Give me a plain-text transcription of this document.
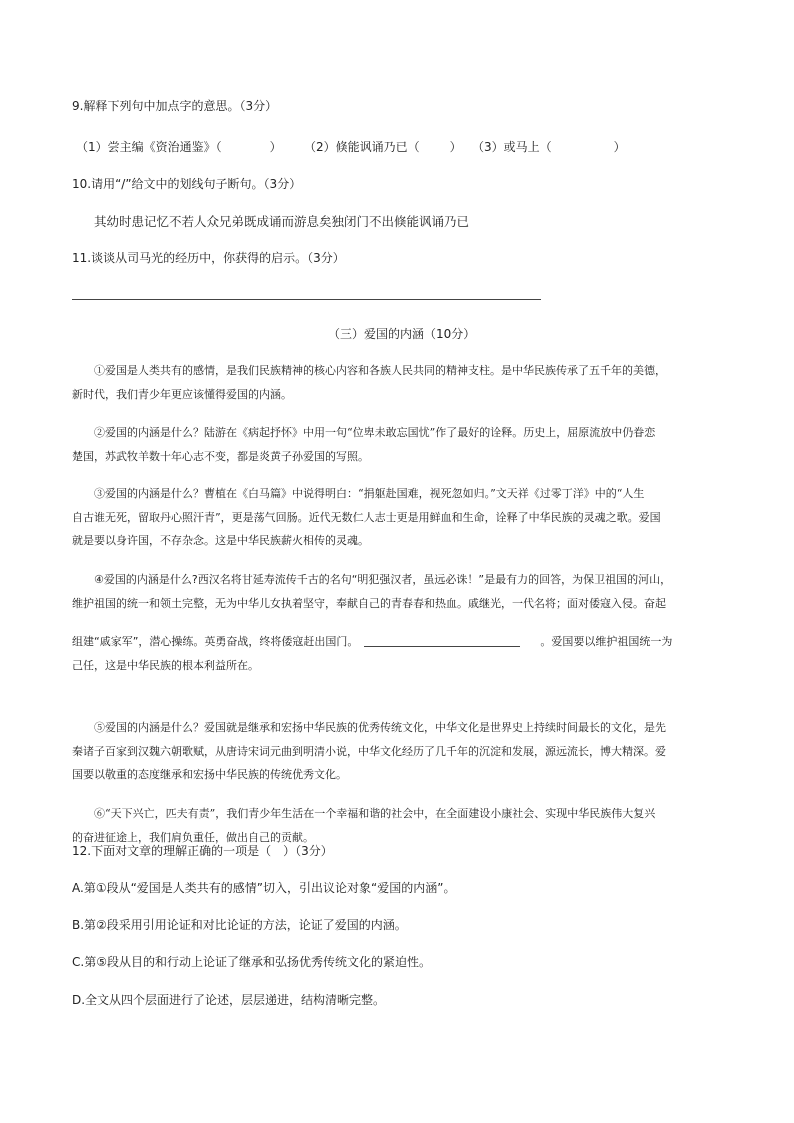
9.解释下列句中加点字的意思。（3分）
（1）尝主编《资治通鉴》（	） （2）倏能讽诵乃已（	） （3）或马上（	）
10.请用“/”给文中的划线句子断句。（3分）
其幼时患记忆不若人众兄弟既成诵而游息矣独闭门不出倏能讽诵乃已
11.谈谈从司马光的经历中，你获得的启示。（3分）
（三）爱国的内涵（10分）
①爱国是人类共有的感情，是我们民族精神的核心内容和各族人民共同的精神支柱。是中华民族传承了五千年的美德，
新时代，我们青少年更应该懂得爱国的内涵。
②爱国的内涵是什么？陆游在《病起抒怀》中用一句“位卑未敢忘国忧”作了最好的诠释。历史上，屈原流放中仍眷恋
楚国，苏武牧羊数十年心志不变，都是炎黄子孙爱国的写照。
③爱国的内涵是什么？曹植在《白马篇》中说得明白：“捐躯赴国难，视死忽如归。”文天祥《过零丁洋》中的“人生
自古谁无死，留取丹心照汗青”，更是荡气回肠。近代无数仁人志士更是用鲜血和生命，诠释了中华民族的灵魂之歌。爱国
就是要以身许国，不存杂念。这是中华民族薪火相传的灵魂。
④爱国的内涵是什么?西汉名将甘延寿流传千古的名句“明犯强汉者，虽远必诛！”是最有力的回答，为保卫祖国的河山，
维护祖国的统一和领土完整，无为中华儿女执着坚守，奉献自己的青春春和热血。戚继光，一代名将；面对倭寇入侵。奋起
组建“戚家军”，潜心操练。英勇奋战，终将倭寇赶出国门。	。爱国要以维护祖国统一为
己任，这是中华民族的根本利益所在。
⑤爱国的内涵是什么？爱国就是继承和宏扬中华民族的优秀传统文化，中华文化是世界史上持续时间最长的文化，是先
秦诸子百家到汉魏六朝歌赋，从唐诗宋词元曲到明清小说，中华文化经历了几千年的沉淀和发展，源远流长，博大精深。爱
国要以敬重的态度继承和宏扬中华民族的传统优秀文化。
⑥“天下兴亡，匹夫有责”，我们青少年生活在一个幸福和谐的社会中，在全面建设小康社会、实现中华民族伟大复兴
的奋进征途上，我们肩负重任，做出自己的贡献。
12.下面对文章的理解正确的一项是（　）（3分）
A.第①段从“爱国是人类共有的感情”切入，引出议论对象“爱国的内涵”。
B.第②段采用引用论证和对比论证的方法，论证了爱国的内涵。
C.第⑤段从目的和行动上论证了继承和弘扬优秀传统文化的紧迫性。
D.全文从四个层面进行了论述，层层递进，结构清晰完整。
